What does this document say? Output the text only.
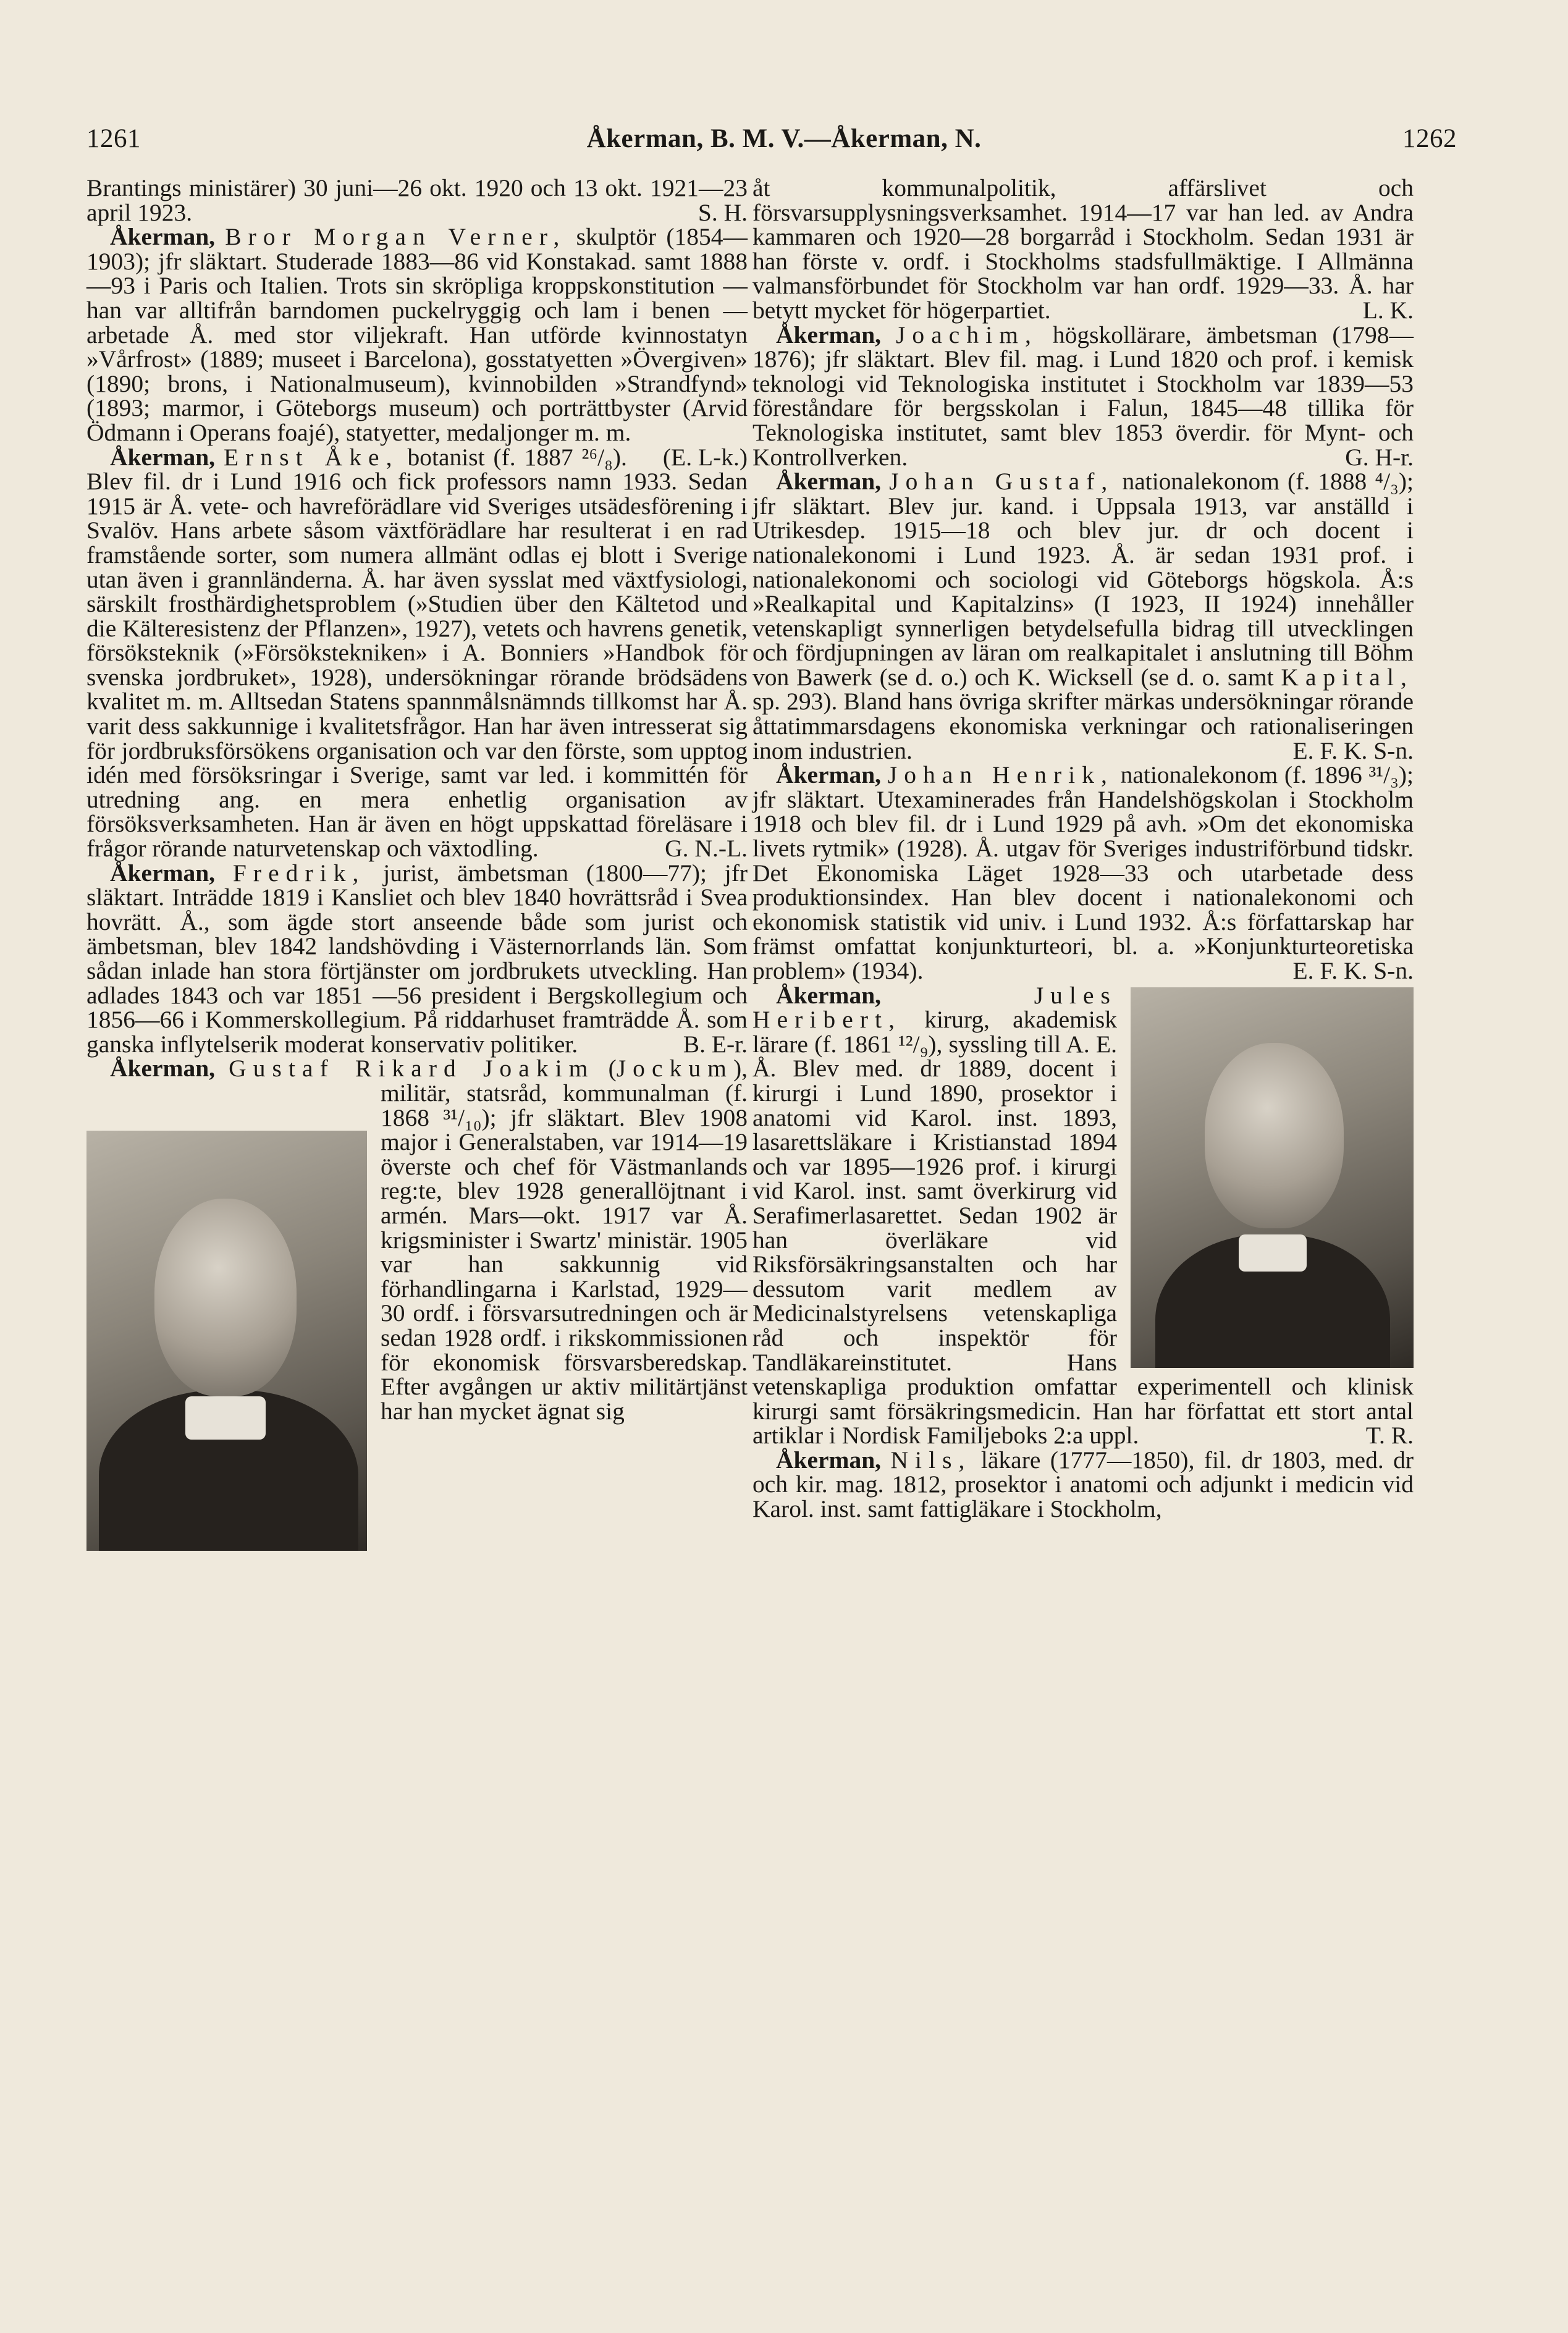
1261	Åkerman, B. M. V.—Åkerman, N.	1262

Brantings ministärer) 30 juni—26 okt. 1920 och 13 okt. 1921—23 april 1923.	S. H.

Åkerman, Bror Morgan Verner, skulptör (1854—1903); jfr släktart. Studerade 1883—86 vid Konstakad. samt 1888—93 i Paris och Italien. Trots sin skröpliga kroppskonstitution — han var alltifrån barndomen puckelryggig och lam i benen — arbetade Å. med stor viljekraft. Han utförde kvinnostatyn »Vårfrost» (1889; museet i Barcelona), gosstatyetten »Övergiven» (1890; brons, i Nationalmuseum), kvinnobilden »Strandfynd» (1893; marmor, i Göteborgs museum) och porträttbyster (Arvid Ödmann i Operans foajé), statyetter, medaljonger m. m.
(E. L-k.)

Åkerman, Ernst Åke, botanist (f. 1887 ²⁶/₈). Blev fil. dr i Lund 1916 och fick professors namn 1933. Sedan 1915 är Å. vete- och havreförädlare vid Sveriges utsädesförening i Svalöv. Hans arbete såsom växtförädlare har resulterat i en rad framstående sorter, som numera allmänt odlas ej blott i Sverige utan även i grannländerna. Å. har även sysslat med växtfysiologi, särskilt frosthärdighetsproblem (»Studien über den Kältetod und die Kälteresistenz der Pflanzen», 1927), vetets och havrens genetik, försöksteknik (»Försökstekniken» i A. Bonniers »Handbok för svenska jordbruket», 1928), undersökningar rörande brödsädens kvalitet m. m. Alltsedan Statens spannmålsnämnds tillkomst har Å. varit dess sakkunnige i kvalitetsfrågor. Han har även intresserat sig för jordbruksförsökens organisation och var den förste, som upptog idén med försöksringar i Sverige, samt var led. i kommittén för utredning ang. en mera enhetlig organisation av försöksverksamheten. Han är även en högt uppskattad föreläsare i frågor rörande naturvetenskap och växtodling.	G. N.-L.

Åkerman, Fredrik, jurist, ämbetsman (1800—77); jfr släktart. Inträdde 1819 i Kansliet och blev 1840 hovrättsråd i Svea hovrätt. Å., som ägde stort anseende både som jurist och ämbetsman, blev 1842 landshövding i Västernorrlands län. Som sådan inlade han stora förtjänster om jordbrukets utveckling. Han adlades 1843 och var 1851 —56 president i Bergskollegium och 1856—66 i Kommerskollegium. På riddarhuset framträdde Å. som ganska inflytelserik moderat konservativ politiker.	B. E-r.

Åkerman, Gustaf Rikard Joakim (Jockum
), militär, statsråd, kommunalman (f. 1868 ³¹/₁₀); jfr släktart. Blev 1908 major i Generalstaben, var 1914—19 överste och chef för Västmanlands reg:te, blev 1928 generallöjtnant i armén. Mars—okt. 1917 var Å. krigsminister i Swartz' ministär. 1905 var han sakkunnig vid förhandlingarna i Karlstad, 1929—30 ordf. i försvarsutredningen och är sedan 1928 ordf. i rikskommissionen för ekonomisk försvarsberedskap. Efter avgången ur aktiv militärtjänst har han mycket ägnat sig

åt kommunalpolitik, affärslivet och försvarsupplysningsverksamhet. 1914—17 var han led. av Andra kammaren och 1920—28 borgarråd i Stockholm. Sedan 1931 är han förste v. ordf. i Stockholms stadsfullmäktige. I Allmänna valmansförbundet för Stockholm var han ordf. 1929—33. Å. har betytt mycket för högerpartiet.	L. K.

Åkerman, Joachim, högskollärare, ämbetsman (1798—1876); jfr släktart. Blev fil. mag. i Lund 1820 och prof. i kemisk teknologi vid Teknologiska institutet i Stockholm var 1839—53 föreståndare för bergsskolan i Falun, 1845—48 tillika för Teknologiska institutet, samt blev 1853 överdir. för Mynt- och Kontrollverken.	G. H-r.

Åkerman, Johan Gustaf, nationalekonom (f. 1888 ⁴/₃); jfr släktart. Blev jur. kand. i Uppsala 1913, var anställd i Utrikesdep. 1915—18 och blev jur. dr och docent i nationalekonomi i Lund 1923. Å. är sedan 1931 prof. i nationalekonomi och sociologi vid Göteborgs högskola. Å:s »Realkapital und Kapitalzins» (I 1923, II 1924) innehåller vetenskapligt synnerligen betydelsefulla bidrag till utvecklingen och fördjupningen av läran om realkapitalet i anslutning till Böhm von Bawerk (se d. o.) och K. Wicksell (se d. o. samt Kapital, sp. 293). Bland hans övriga skrifter märkas undersökningar rörande åttatimmarsdagens ekonomiska verkningar och rationaliseringen inom industrien.	E. F. K. S-n.

Åkerman, Johan Henrik, nationalekonom (f. 1896 ³¹/₃); jfr släktart. Utexaminerades från Handelshögskolan i Stockholm 1918 och blev fil. dr i Lund 1929 på avh. »Om det ekonomiska livets rytmik» (1928). Å. utgav för Sveriges industriförbund tidskr. Det Ekonomiska Läget 1928—33 och utarbetade dess produktionsindex. Han blev docent i nationalekonomi och ekonomisk statistik vid univ. i Lund 1932. Å:s författarskap har främst omfattat konjunkturteori, bl. a. »Konjunkturteoretiska problem» (1934).	E. F. K. S-n.

Åkerman,	Jules Heribert, kirurg, akademisk lärare (f. 1861 ¹²/₉), syssling till A. E. Å. Blev med. dr 1889, docent i kirurgi i Lund 1890, prosektor i anatomi vid Karol. inst. 1893, lasarettsläkare i Kristianstad 1894 och var 1895—1926 prof. i kirurgi vid Karol. inst. samt överkirurg vid Serafimerlasarettet. Sedan 1902 är han överläkare vid Riksförsäkringsanstalten och har dessutom varit medlem av Medicinalstyrelsens vetenskapliga råd och inspektör för Tandläkareinstitutet. Hans vetenskapliga produktion omfattar experimentell och klinisk kirurgi samt försäkringsmedicin. Han har författat ett stort antal artiklar i Nordisk Familjeboks 2:a uppl.	T. R.

Åkerman, Nils, läkare (1777—1850), fil. dr 1803, med. dr och kir. mag. 1812, prosektor i anatomi och adjunkt i medicin vid Karol. inst. samt fattigläkare i Stockholm,
